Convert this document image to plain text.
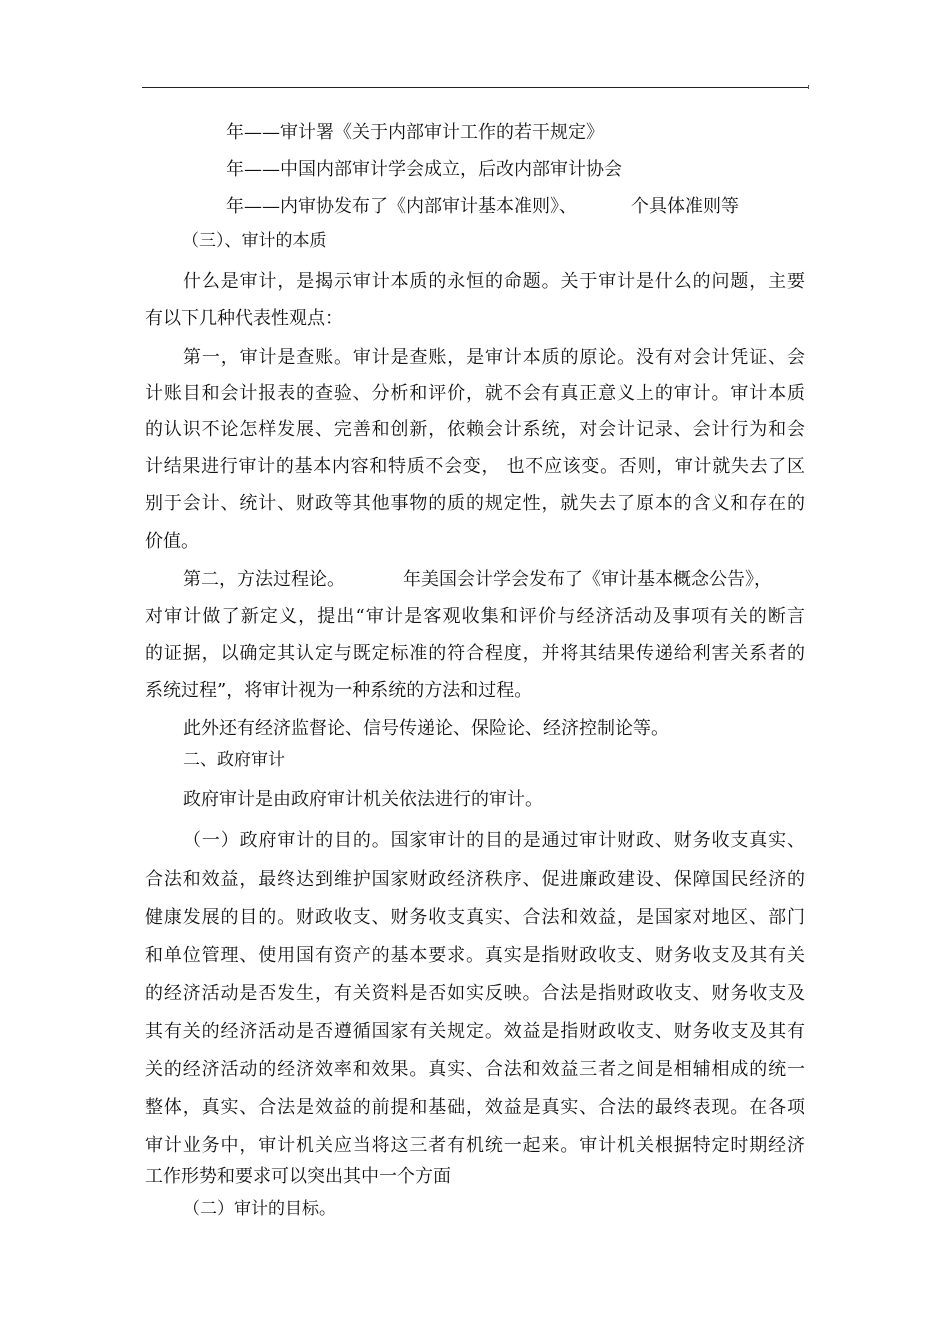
年——审计署《关于内部审计工作的若干规定》

年——中国内部审计学会成立，后改内部审计协会

年——内审协发布了《内部审计基本准则》、	个具体准则等

（三）、审计的本质

什么是审计，是揭示审计本质的永恒的命题。关于审计是什么的问题，主要

有以下几种代表性观点：

第一，审计是查账。审计是查账，是审计本质的原论。没有对会计凭证、会

计账目和会计报表的查验、分析和评价，就不会有真正意义上的审计。审计本质

的认识不论怎样发展、完善和创新，依赖会计系统，对会计记录、会计行为和会

计结果进行审计的基本内容和特质不会变， 也不应该变。否则，审计就失去了区

别于会计、统计、财政等其他事物的质的规定性，就失去了原本的含义和存在的

价值。

第二，方法过程论。	年美国会计学会发布了《审计基本概念公告》，

对审计做了新定义，提出“审计是客观收集和评价与经济活动及事项有关的断言

的证据，以确定其认定与既定标准的符合程度，并将其结果传递给利害关系者的

系统过程”，将审计视为一种系统的方法和过程。

此外还有经济监督论、信号传递论、保险论、经济控制论等。

二、政府审计

政府审计是由政府审计机关依法进行的审计。

（一）政府审计的目的。国家审计的目的是通过审计财政、财务收支真实、

合法和效益，最终达到维护国家财政经济秩序、促进廉政建设、保障国民经济的

健康发展的目的。财政收支、财务收支真实、合法和效益，是国家对地区、部门

和单位管理、使用国有资产的基本要求。真实是指财政收支、财务收支及其有关

的经济活动是否发生，有关资料是否如实反映。合法是指财政收支、财务收支及

其有关的经济活动是否遵循国家有关规定。效益是指财政收支、财务收支及其有

关的经济活动的经济效率和效果。真实、合法和效益三者之间是相辅相成的统一

整体，真实、合法是效益的前提和基础，效益是真实、合法的最终表现。在各项

审计业务中，审计机关应当将这三者有机统一起来。审计机关根据特定时期经济

工作形势和要求可以突出其中一个方面

（二）审计的目标。
